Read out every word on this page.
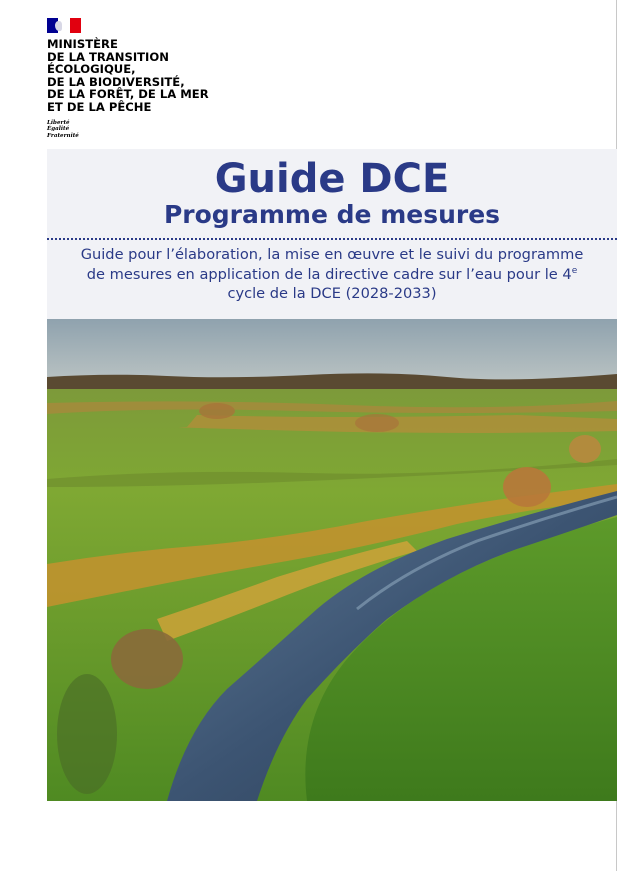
MINISTÈRE
DE LA TRANSITION
ÉCOLOGIQUE,
DE LA BIODIVERSITÉ,
DE LA FORÊT, DE LA MER
ET DE LA PÊCHE
Liberté
Égalité
Fraternité
Guide DCE
Programme de mesures

Guide pour l’élaboration, la mise en œuvre et le suivi du programme
de mesures en application de la directive cadre sur l’eau pour le 4e
cycle de la DCE (2028-2033)
